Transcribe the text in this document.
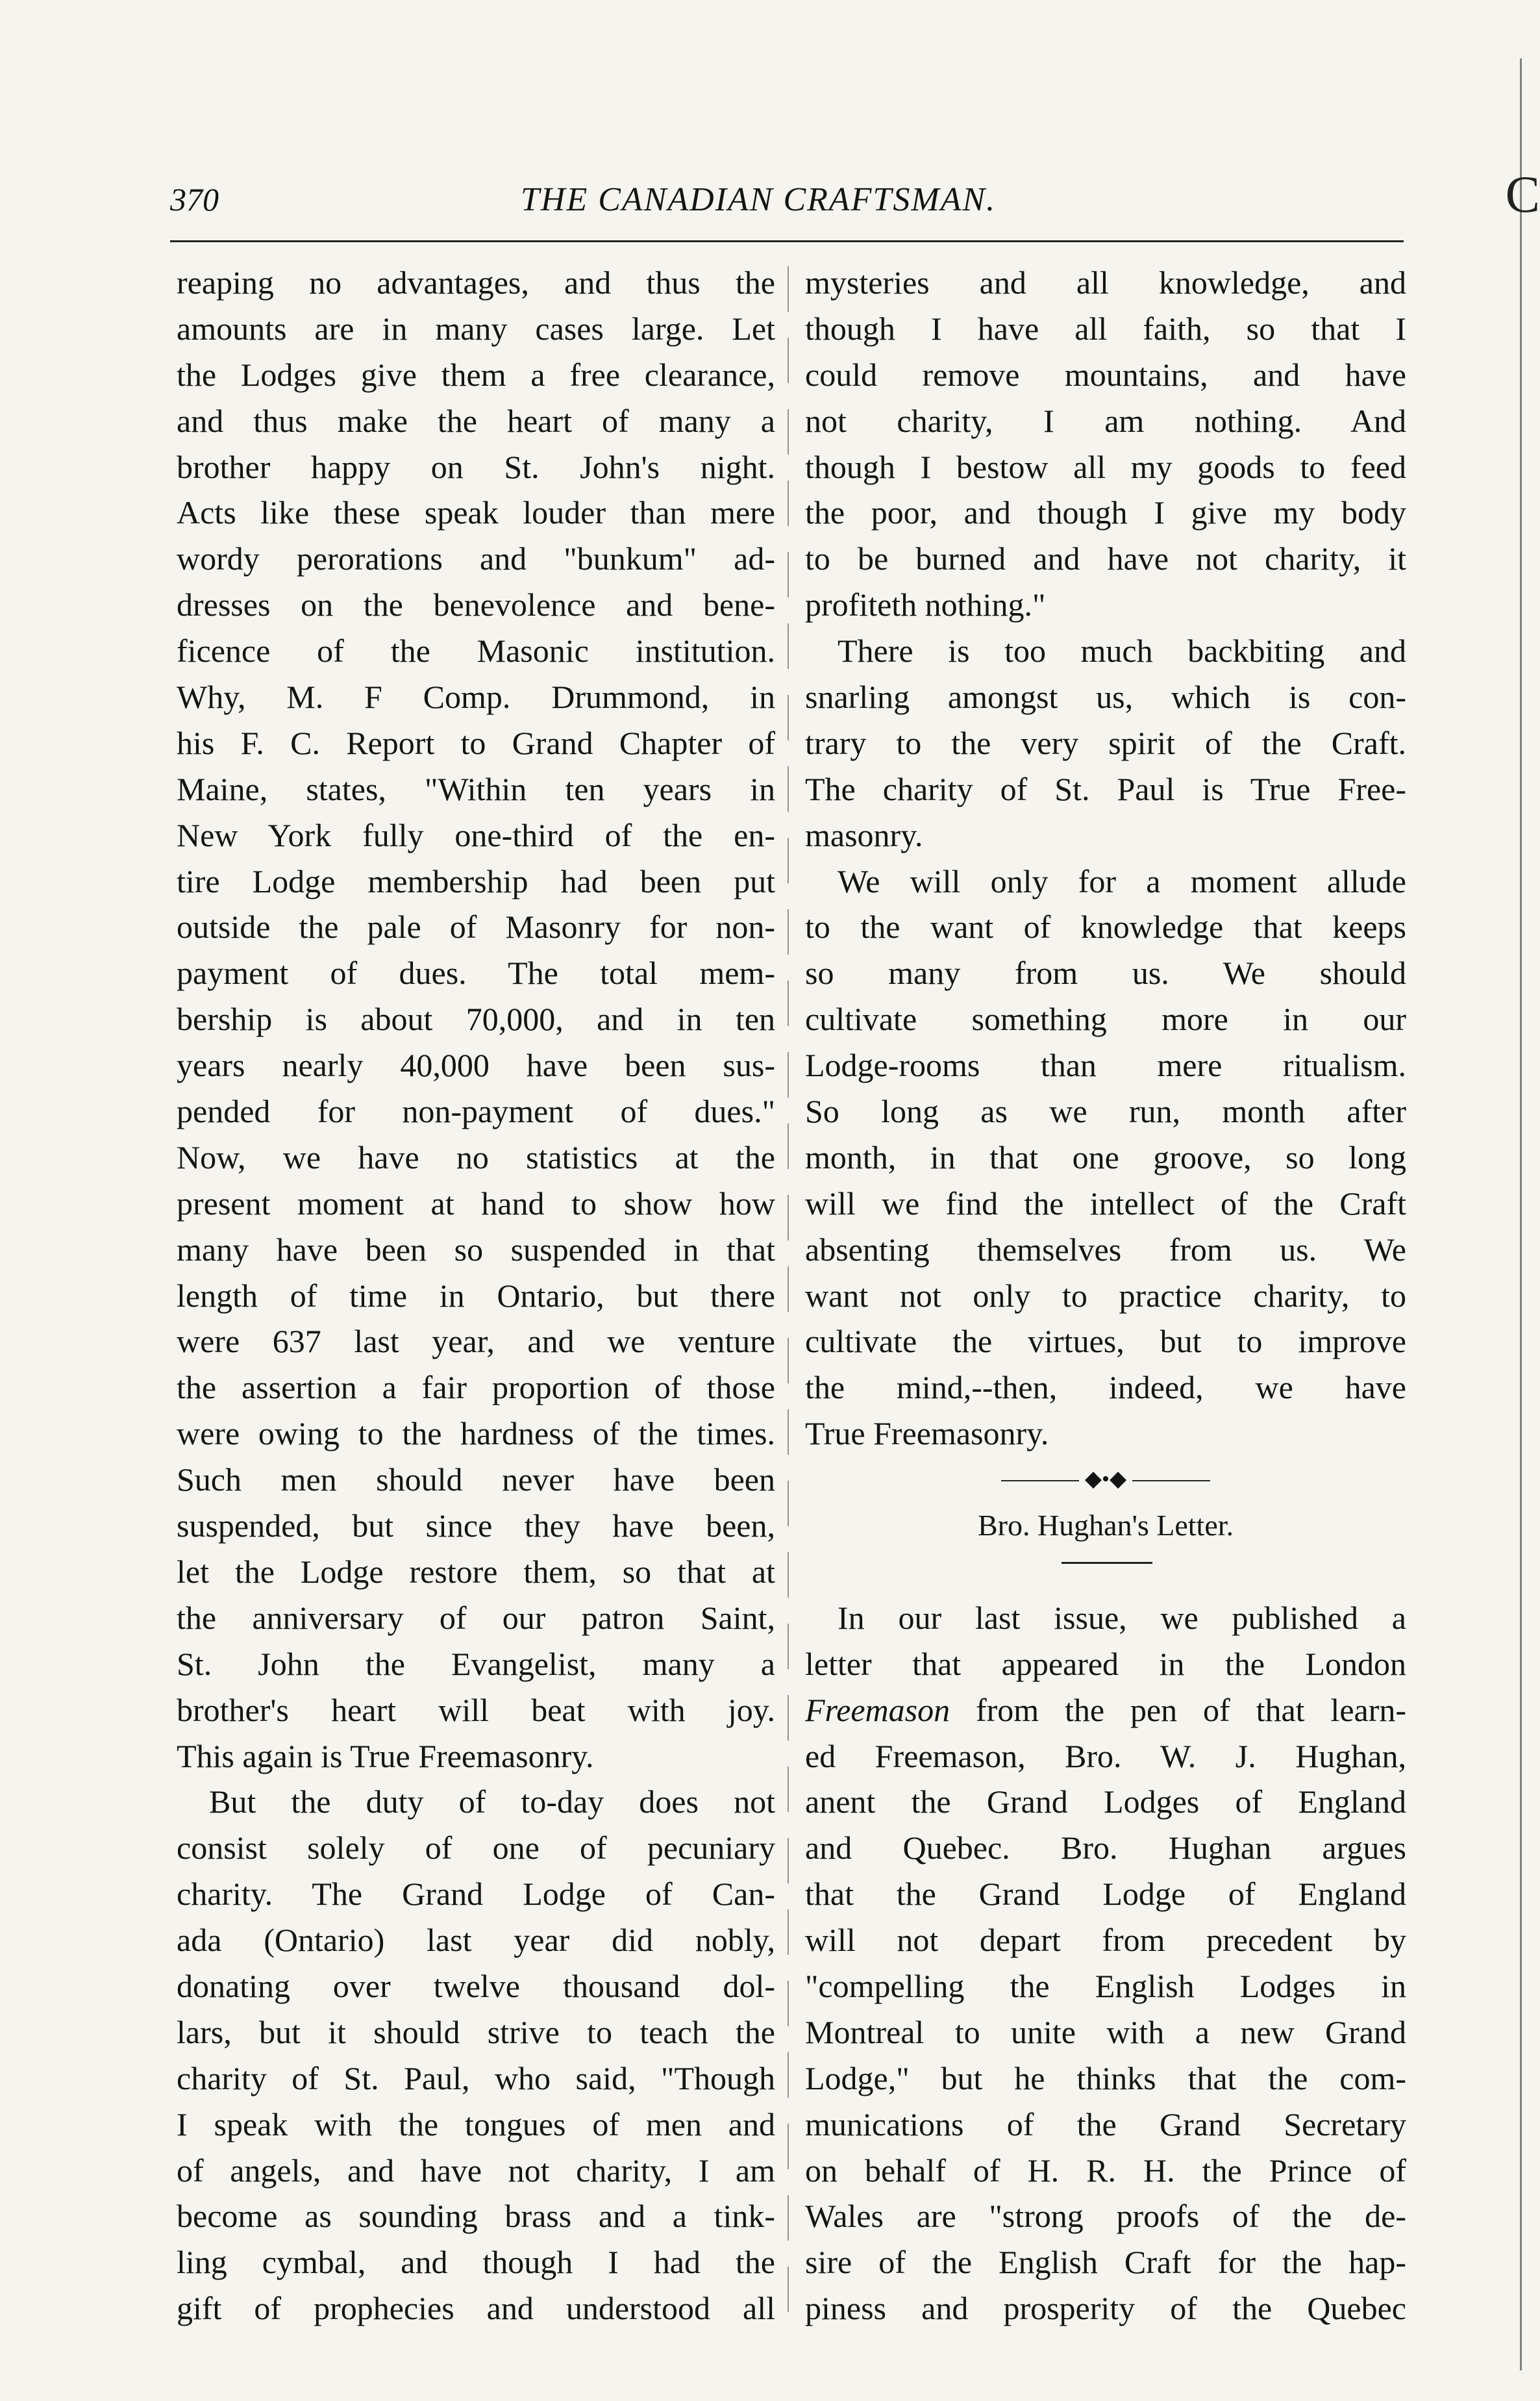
370	THE CANADIAN CRAFTSMAN.
reaping no advantages, and thus the
amounts are in many cases large. Let
the Lodges give them a free clearance,
and thus make the heart of many a
brother happy on St. John's night.
Acts like these speak louder than mere
wordy perorations and "bunkum" ad-
dresses on the benevolence and bene-
ficence of the Masonic institution.
Why, M. F Comp. Drummond, in
his F. C. Report to Grand Chapter of
Maine, states, "Within ten years in
New York fully one-third of the en-
tire Lodge membership had been put
outside the pale of Masonry for non-
payment of dues. The total mem-
bership is about 70,000, and in ten
years nearly 40,000 have been sus-
pended for non-payment of dues."
Now, we have no statistics at the
present moment at hand to show how
many have been so suspended in that
length of time in Ontario, but there
were 637 last year, and we venture
the assertion a fair proportion of those
were owing to the hardness of the times.
Such men should never have been
suspended, but since they have been,
let the Lodge restore them, so that at
the anniversary of our patron Saint,
St. John the Evangelist, many a
brother's heart will beat with joy.
This again is True Freemasonry.
But the duty of to-day does not
consist solely of one of pecuniary
charity. The Grand Lodge of Can-
ada (Ontario) last year did nobly,
donating over twelve thousand dol-
lars, but it should strive to teach the
charity of St. Paul, who said, "Though
I speak with the tongues of men and
of angels, and have not charity, I am
become as sounding brass and a tink-
ling cymbal, and though I had the
gift of prophecies and understood all
mysteries and all knowledge, and
though I have all faith, so that I
could remove mountains, and have
not charity, I am nothing. And
though I bestow all my goods to feed
the poor, and though I give my body
to be burned and have not charity, it
profiteth nothing."
There is too much backbiting and
snarling amongst us, which is con-
trary to the very spirit of the Craft.
The charity of St. Paul is True Free-
masonry.
We will only for a moment allude
to the want of knowledge that keeps
so many from us. We should
cultivate something more in our
Lodge-rooms than mere ritualism.
So long as we run, month after
month, in that one groove, so long
will we find the intellect of the Craft
absenting themselves from us. We
want not only to practice charity, to
cultivate the virtues, but to improve
the mind,--then, indeed, we have
True Freemasonry.
◆•◆
Bro. Hughan's Letter.
In our last issue, we published a
letter that appeared in the London
Freemason from the pen of that learn-
ed Freemason, Bro. W. J. Hughan,
anent the Grand Lodges of England
and Quebec. Bro. Hughan argues
that the Grand Lodge of England
will not depart from precedent by
"compelling the English Lodges in
Montreal to unite with a new Grand
Lodge," but he thinks that the com-
munications of the Grand Secretary
on behalf of H. R. H. the Prince of
Wales are "strong proofs of the de-
sire of the English Craft for the hap-
piness and prosperity of the Quebec
C
